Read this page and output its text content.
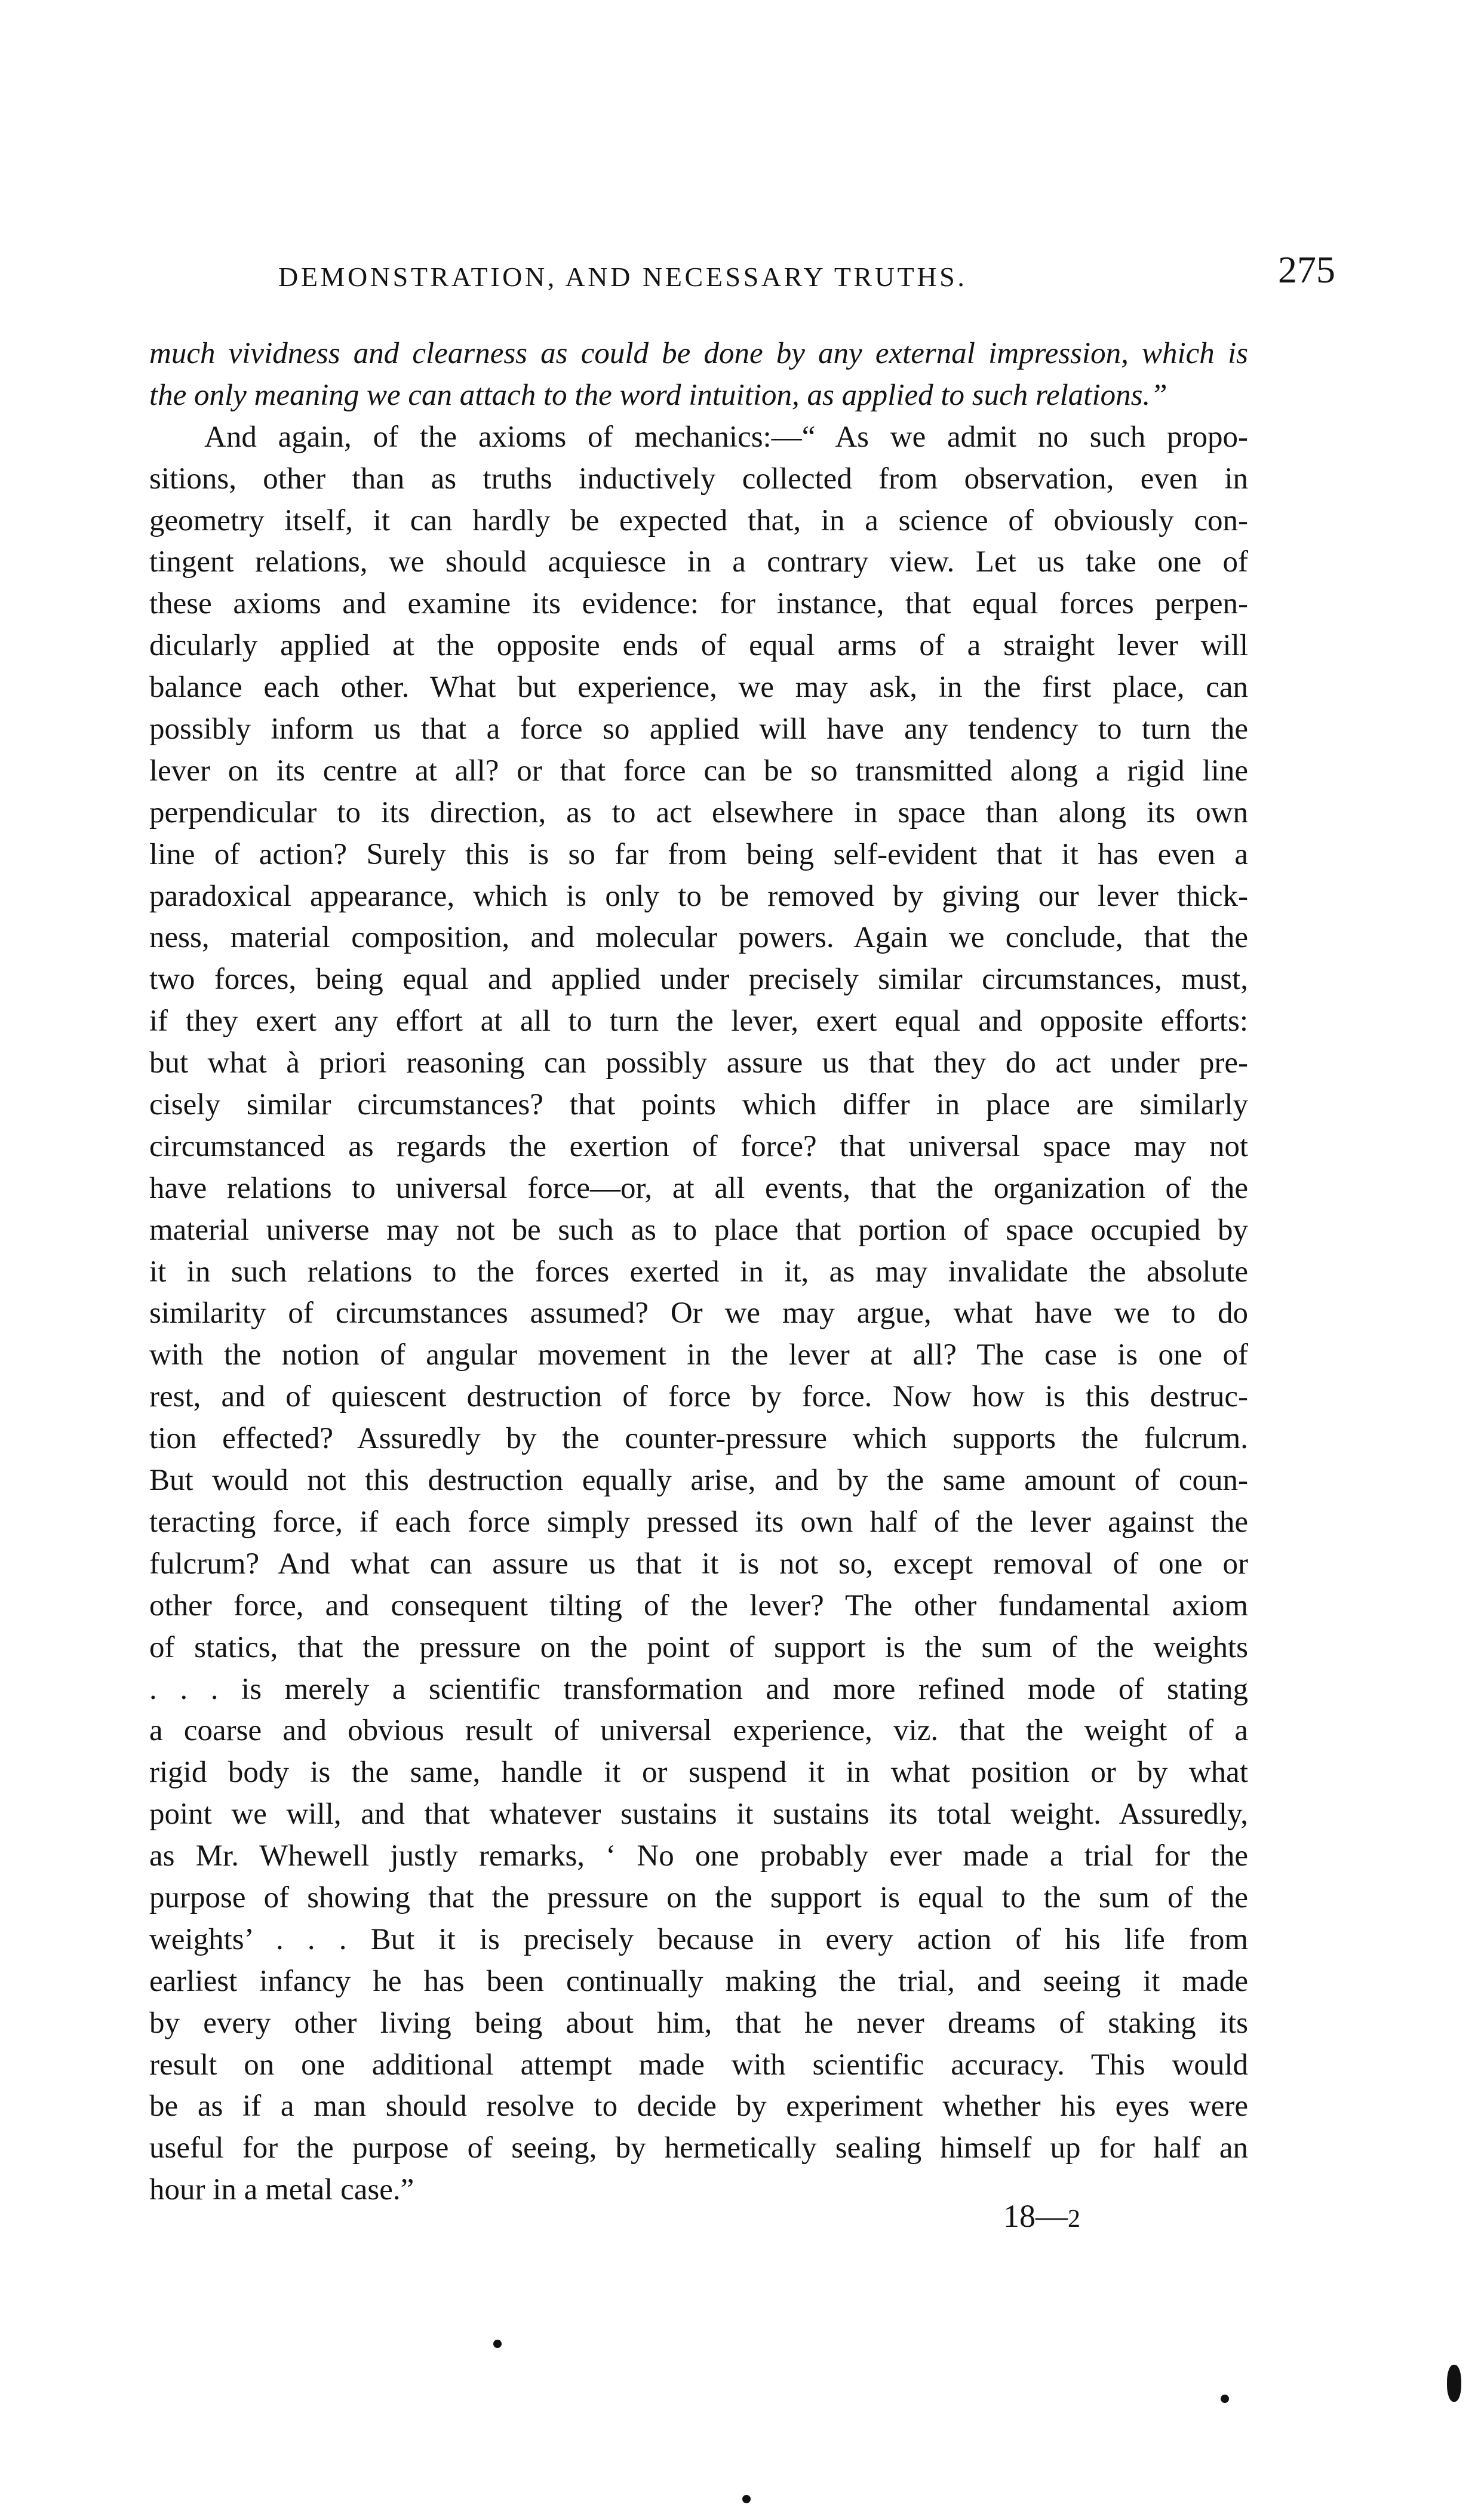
DEMONSTRATION, AND NECESSARY TRUTHS.	275
much vividness and clearness as could be done by any external impression, which is
the only meaning we can attach to the word intuition, as applied to such relations.”
And again, of the axioms of mechanics:—“ As we admit no such propo-
sitions, other than as truths inductively collected from observation, even in
geometry itself, it can hardly be expected that, in a science of obviously con-
tingent relations, we should acquiesce in a contrary view. Let us take one of
these axioms and examine its evidence: for instance, that equal forces perpen-
dicularly applied at the opposite ends of equal arms of a straight lever will
balance each other. What but experience, we may ask, in the first place, can
possibly inform us that a force so applied will have any tendency to turn the
lever on its centre at all? or that force can be so transmitted along a rigid line
perpendicular to its direction, as to act elsewhere in space than along its own
line of action? Surely this is so far from being self-evident that it has even a
paradoxical appearance, which is only to be removed by giving our lever thick-
ness, material composition, and molecular powers. Again we conclude, that the
two forces, being equal and applied under precisely similar circumstances, must,
if they exert any effort at all to turn the lever, exert equal and opposite efforts:
but what à priori reasoning can possibly assure us that they do act under pre-
cisely similar circumstances? that points which differ in place are similarly
circumstanced as regards the exertion of force? that universal space may not
have relations to universal force—or, at all events, that the organization of the
material universe may not be such as to place that portion of space occupied by
it in such relations to the forces exerted in it, as may invalidate the absolute
similarity of circumstances assumed? Or we may argue, what have we to do
with the notion of angular movement in the lever at all? The case is one of
rest, and of quiescent destruction of force by force. Now how is this destruc-
tion effected? Assuredly by the counter-pressure which supports the fulcrum.
But would not this destruction equally arise, and by the same amount of coun-
teracting force, if each force simply pressed its own half of the lever against the
fulcrum? And what can assure us that it is not so, except removal of one or
other force, and consequent tilting of the lever? The other fundamental axiom
of statics, that the pressure on the point of support is the sum of the weights
. . . is merely a scientific transformation and more refined mode of stating
a coarse and obvious result of universal experience, viz. that the weight of a
rigid body is the same, handle it or suspend it in what position or by what
point we will, and that whatever sustains it sustains its total weight. Assuredly,
as Mr. Whewell justly remarks, ‘ No one probably ever made a trial for the
purpose of showing that the pressure on the support is equal to the sum of the
weights’ . . . But it is precisely because in every action of his life from
earliest infancy he has been continually making the trial, and seeing it made
by every other living being about him, that he never dreams of staking its
result on one additional attempt made with scientific accuracy. This would
be as if a man should resolve to decide by experiment whether his eyes were
useful for the purpose of seeing, by hermetically sealing himself up for half an
hour in a metal case.”
18—2
